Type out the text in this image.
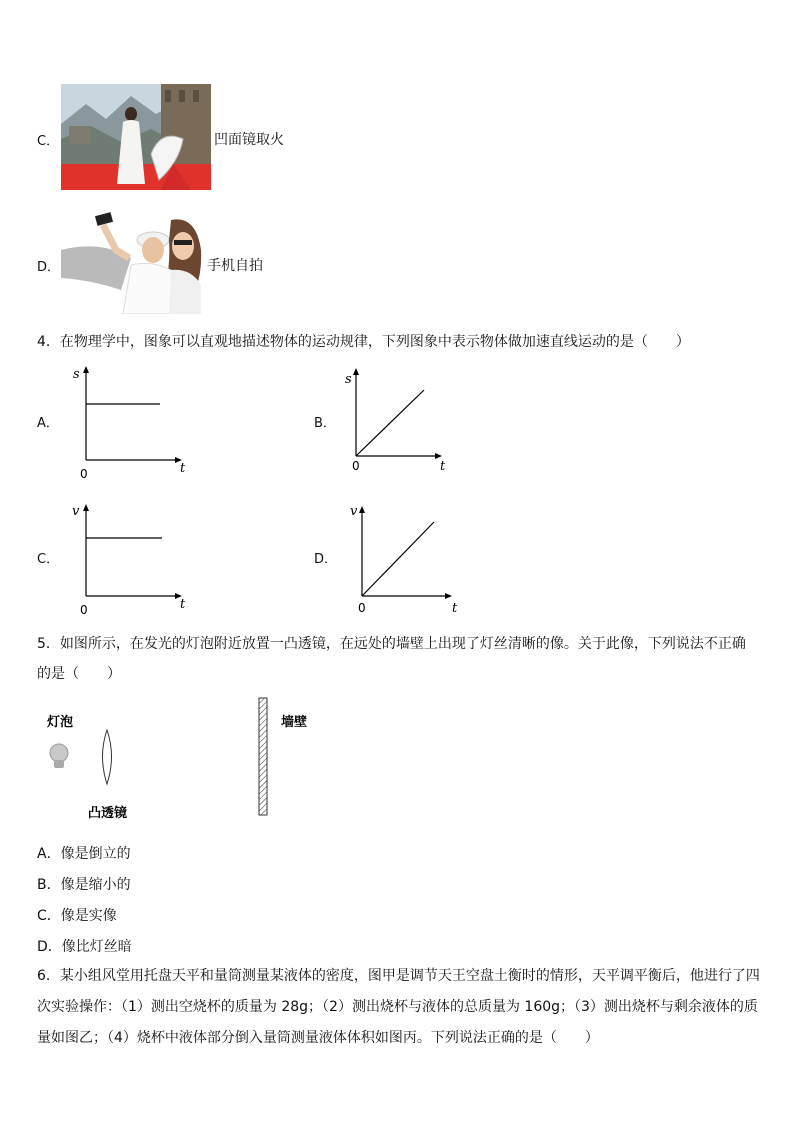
C．	凹面镜取火
D．	手机自拍
4．在物理学中，图象可以直观地描述物体的运动规律，下列图象中表示物体做加速直线运动的是（　　）
A．
s
t
0
B．
s
t
0
C．
v
t
0
D．
v
t
0
5．如图所示，在发光的灯泡附近放置一凸透镜，在远处的墙壁上出现了灯丝清晰的像。关于此像，下列说法不正确
的是（　　）
灯泡
凸透镜
墙壁
A．像是倒立的
B．像是缩小的
C．像是实像
D．像比灯丝暗
6．某小组风堂用托盘天平和量筒测量某液体的密度，图甲是调节天王空盘土衡时的情形，天平调平衡后，他进行了四
次实验操作：（1）测出空烧杯的质量为 28g；（2）测出烧杯与液体的总质量为 160g；（3）测出烧杯与剩余液体的质
量如图乙；（4）烧杯中液体部分倒入量筒测量液体体积如图丙。下列说法正确的是（　　）
